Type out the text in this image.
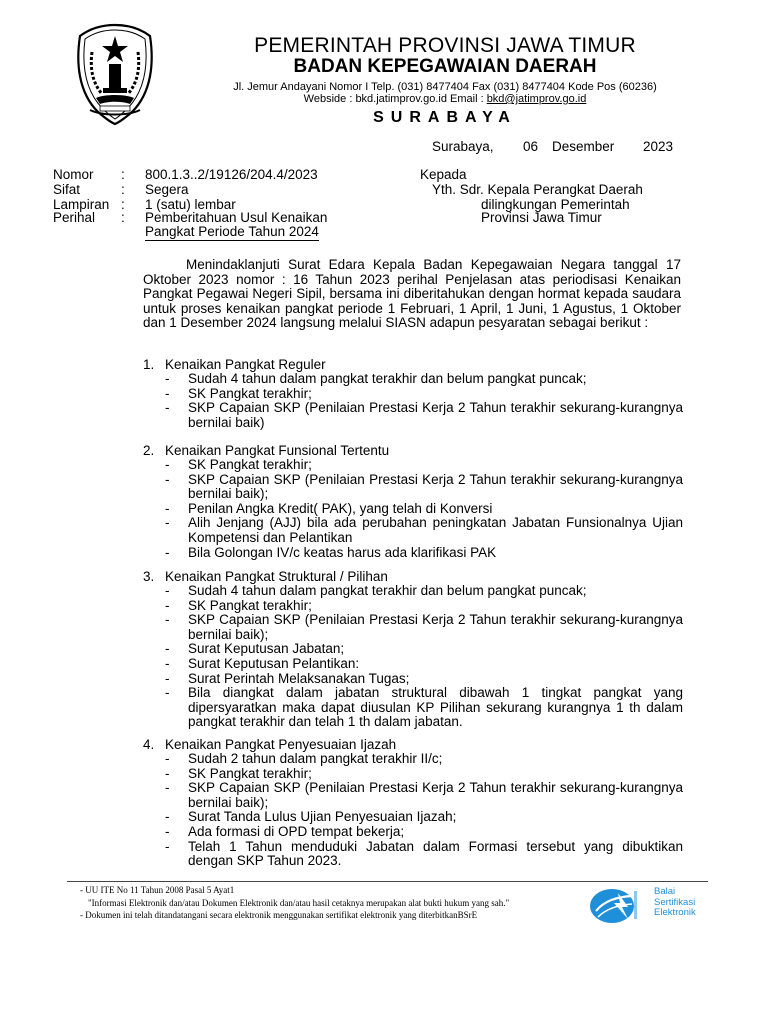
PEMERINTAH PROVINSI JAWA TIMUR
BADAN KEPEGAWAIAN DAERAH
Jl. Jemur Andayani Nomor I Telp. (031) 8477404 Fax (031) 8477404 Kode Pos (60236)
Webside : bkd.jatimprov.go.id Email : bkd@jatimprov.go.id
SURABAYA
Surabaya, 06 Desember 2023
Nomor : 800.1.3..2/19126/204.4/2023
Sifat	: Segera
Lampiran : 1 (satu) lembar
Perihal : Pemberitahuan Usul Kenaikan
Pangkat Periode Tahun 2024
Kepada
Yth. Sdr. Kepala Perangkat Daerah
dilingkungan Pemerintah
Provinsi Jawa Timur
Menindaklanjuti Surat Edara Kepala Badan Kepegawaian Negara tanggal 17 Oktober 2023 nomor : 16 Tahun 2023 perihal Penjelasan atas periodisasi Kenaikan Pangkat Pegawai Negeri Sipil, bersama ini diberitahukan dengan hormat kepada saudara untuk proses kenaikan pangkat periode 1 Februari, 1 April, 1 Juni, 1 Agustus, 1 Oktober dan 1 Desember 2024 langsung melalui SIASN adapun pesyaratan sebagai berikut :
1. Kenaikan Pangkat Reguler
-	Sudah 4 tahun dalam pangkat terakhir dan belum pangkat puncak;
-	SK Pangkat terakhir;
-	SKP Capaian SKP (Penilaian Prestasi Kerja 2 Tahun terakhir sekurang-kurangnya bernilai baik)
2. Kenaikan Pangkat Funsional Tertentu
-	SK Pangkat terakhir;
-	SKP Capaian SKP (Penilaian Prestasi Kerja 2 Tahun terakhir sekurang-kurangnya bernilai baik);
-	Penilan Angka Kredit( PAK), yang telah di Konversi
-	Alih Jenjang (AJJ) bila ada perubahan peningkatan Jabatan Funsionalnya Ujian Kompetensi dan Pelantikan
-	Bila Golongan IV/c keatas harus ada klarifikasi PAK
3. Kenaikan Pangkat Struktural / Pilihan
-	Sudah 4 tahun dalam pangkat terakhir dan belum pangkat puncak;
-	SK Pangkat terakhir;
-	SKP Capaian SKP (Penilaian Prestasi Kerja 2 Tahun terakhir sekurang-kurangnya bernilai baik);
-	Surat Keputusan Jabatan;
-	Surat Keputusan Pelantikan:
-	Surat Perintah Melaksanakan Tugas;
-	Bila diangkat dalam jabatan struktural dibawah 1 tingkat pangkat yang dipersyaratkan maka dapat diusulan KP Pilihan sekurang kurangnya 1 th dalam pangkat terakhir dan telah 1 th dalam jabatan.
4. Kenaikan Pangkat Penyesuaian Ijazah
-	Sudah 2 tahun dalam pangkat terakhir II/c;
-	SK Pangkat terakhir;
-	SKP Capaian SKP (Penilaian Prestasi Kerja 2 Tahun terakhir sekurang-kurangnya bernilai baik);
-	Surat Tanda Lulus Ujian Penyesuaian Ijazah;
-	Ada formasi di OPD tempat bekerja;
-	Telah 1 Tahun menduduki Jabatan dalam Formasi tersebut yang dibuktikan dengan SKP Tahun 2023.
- UU ITE No 11 Tahun 2008 Pasal 5 Ayat1
"Informasi Elektronik dan/atau Dokumen Elektronik dan/atau hasil cetaknya merupakan alat bukti hukum yang sah."
- Dokumen ini telah ditandatangani secara elektronik menggunakan sertifikat elektronik yang diterbitkanBSrE
Balai
Sertifikasi
Elektronik
